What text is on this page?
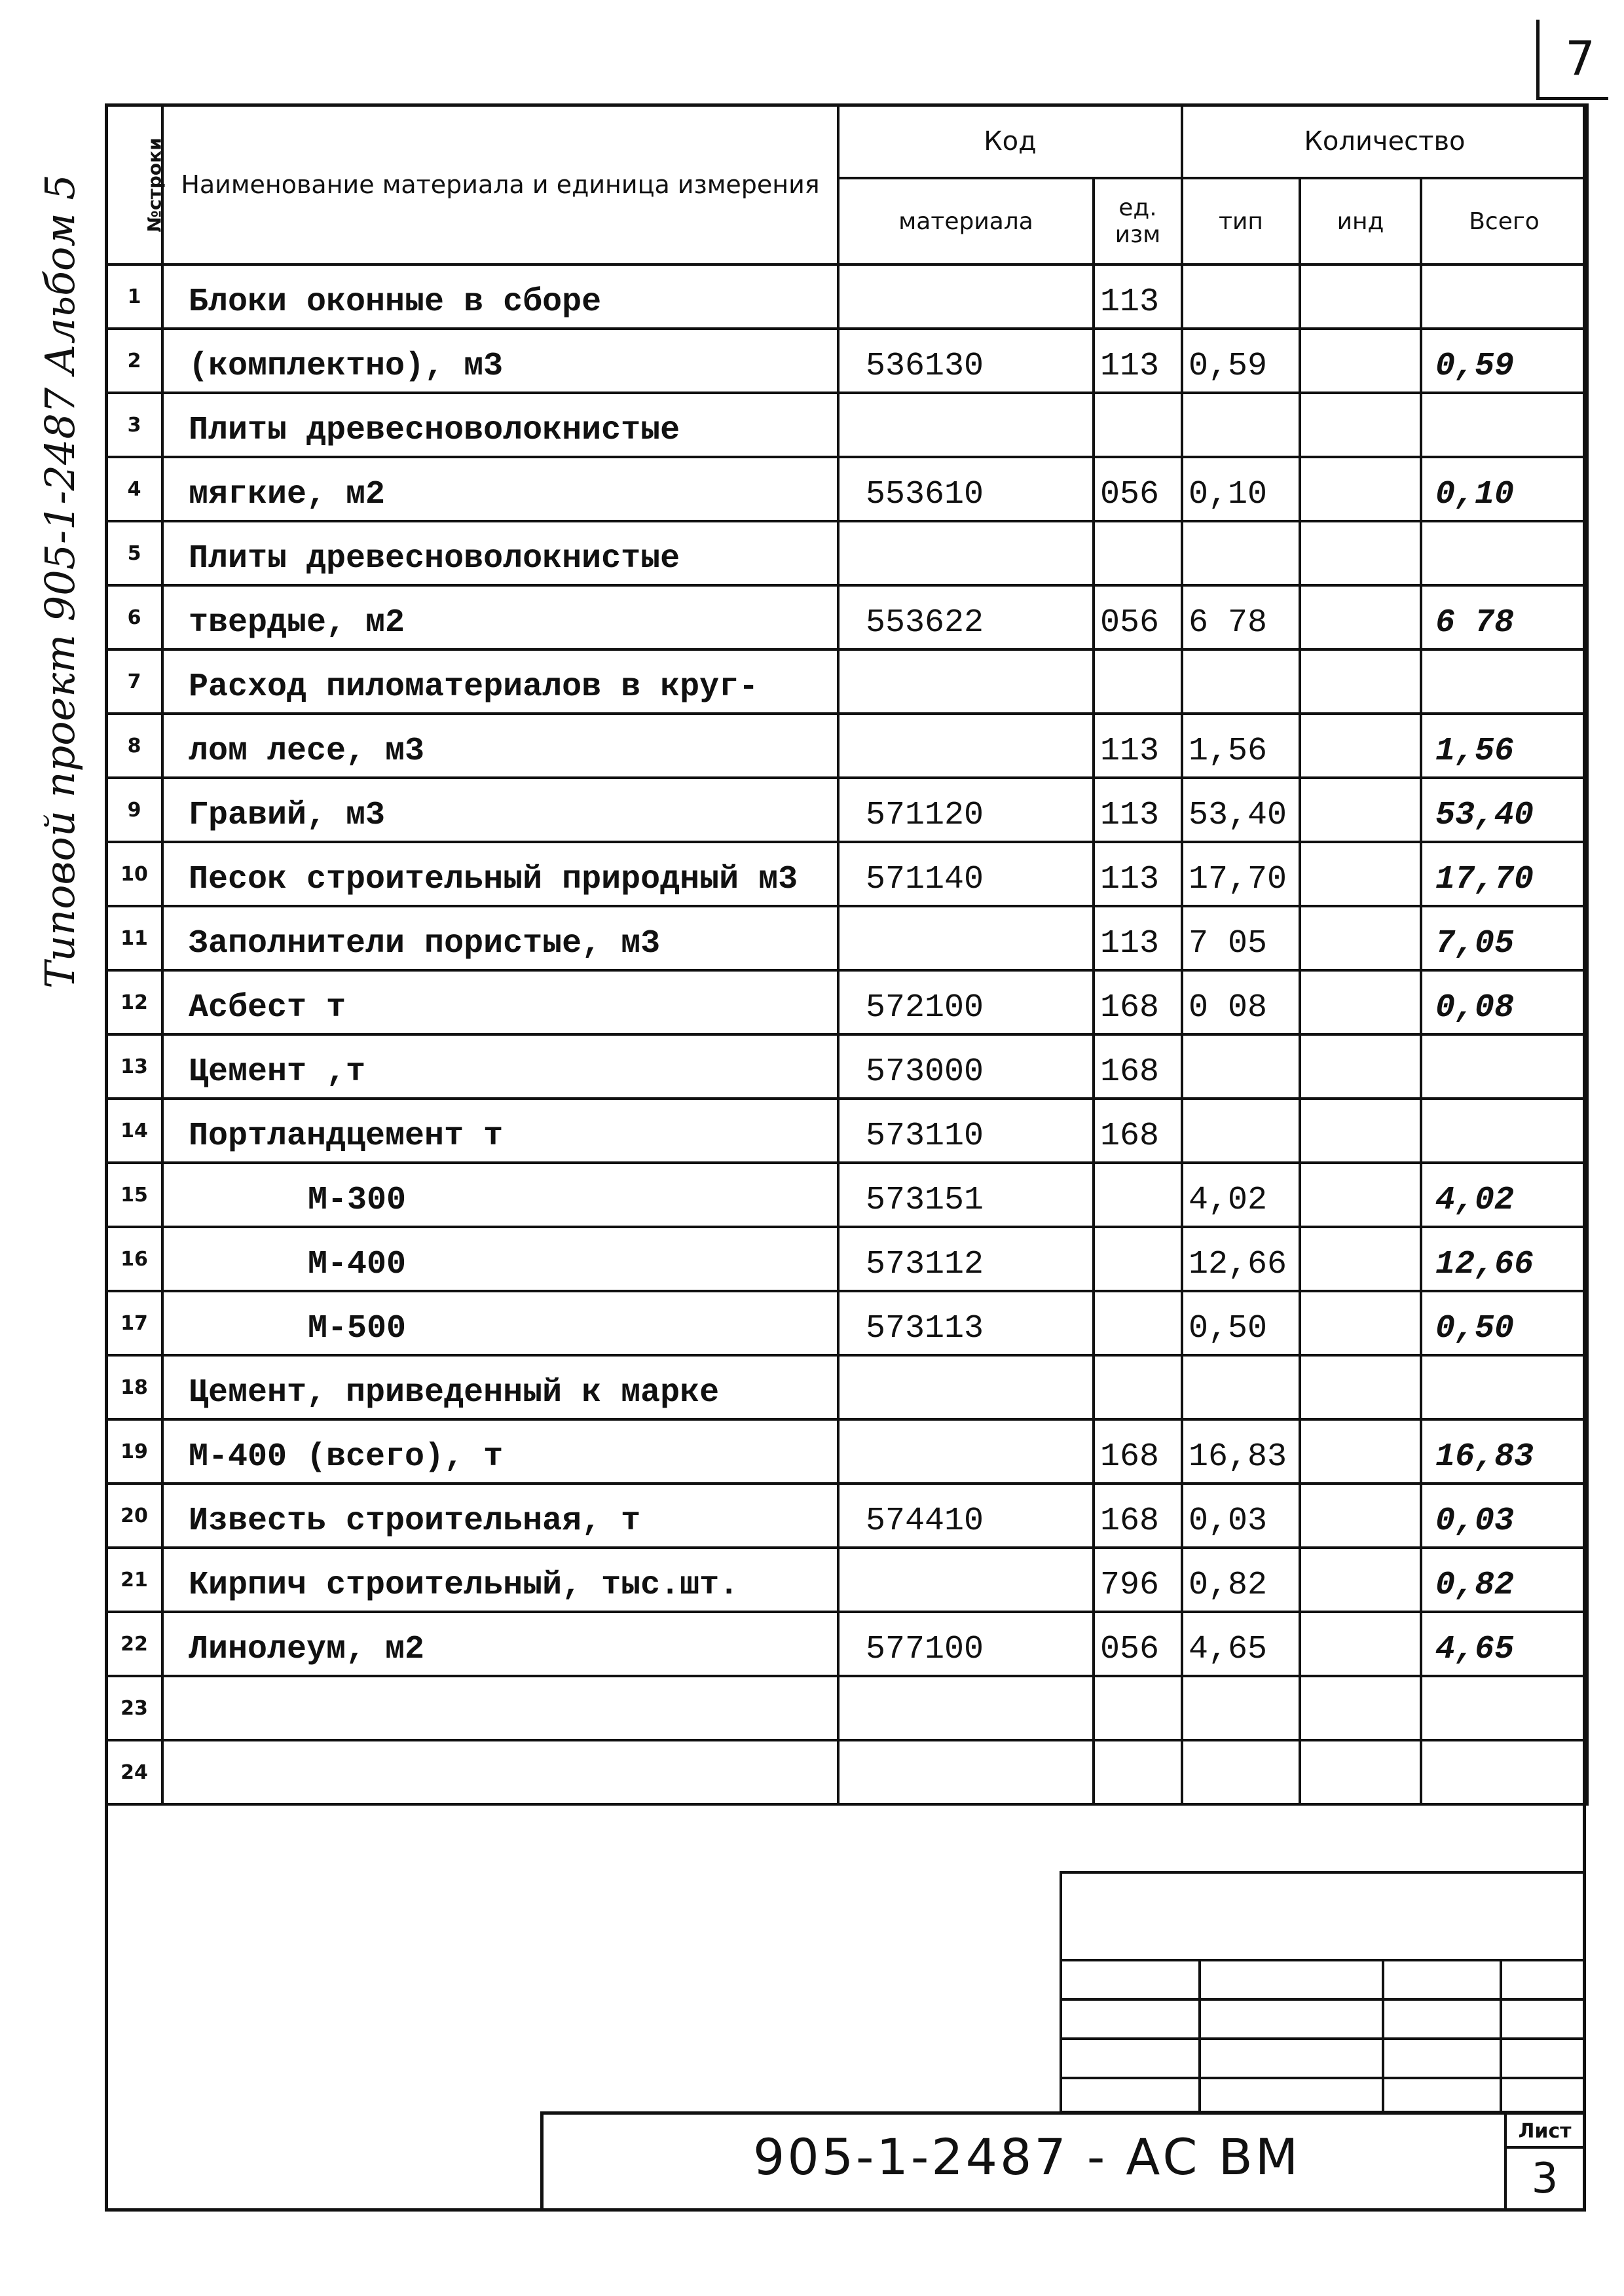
7
Типовой проект 905-1-2487 Альбом 5	№строки	Наименование материала и единица измерения	Код		Количество		
		материала	ед. изм	тип	инд	Всего
1	Блоки оконные в сборе		113			
2	(комплектно), м3	536130	113	0,59		0,59
3	Плиты древесноволокнистые					
4	мягкие, м2	553610	056	0,10		0,10
5	Плиты древесноволокнистые					
6	твердые, м2	553622	056	6 78		6 78
7	Расход пиломатериалов в круг-					
8	лом лесе, м3		113	1,56		1,56
9	Гравий, м3	571120	113	53,40		53,40
10	Песок строительный природный м3	571140	113	17,70		17,70
11	Заполнители пористые, м3		113	7 05		7,05
12	Асбест т	572100	168	0 08		0,08
13	Цемент ,т	573000	168			
14	Портландцемент т	573110	168			
15	М-300	573151		4,02		4,02
16	М-400	573112		12,66		12,66
17	М-500	573113		0,50		0,50
18	Цемент, приведенный к марке					
19	М-400 (всего), т		168	16,83		16,83
20	Известь строительная, т	574410	168	0,03		0,03
21	Кирпич строительный, тыс.шт.		796	0,82		0,82
22	Линолеум, м2	577100	056	4,65		4,65
23						
24						
905-1-2487 - АС ВМ	Лист
3
